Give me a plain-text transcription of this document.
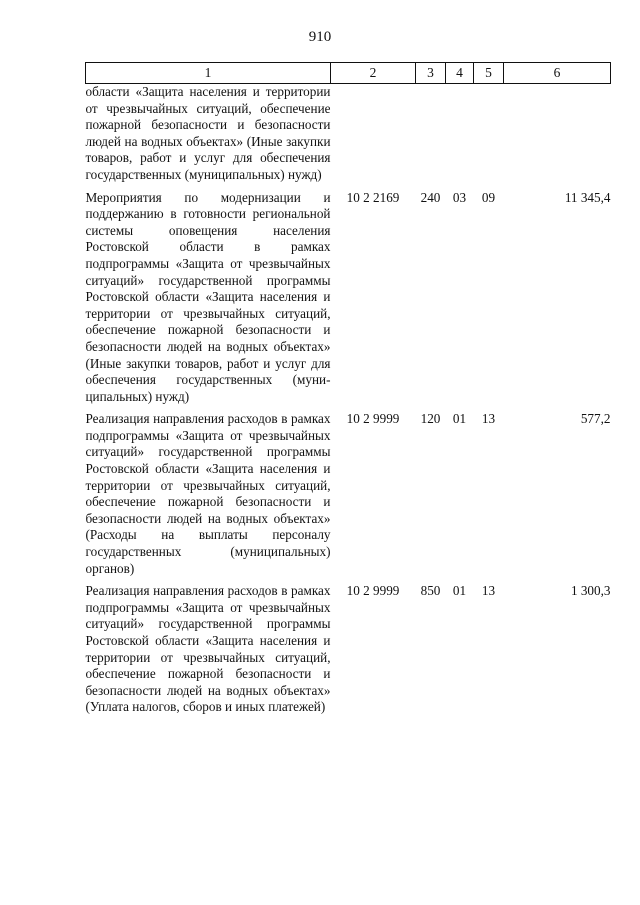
910
1	2	3	4	5	6
области «Защита населения и территории от чрезвычайных ситуаций, обеспечение пожарной безопасности и безопасности людей на водных объектах» (Иные закупки товаров, работ и услуг для обеспечения государственных (муниципальных) нужд)					
Мероприятия по модернизации и поддержанию в готовности региональной системы оповещения населения Ростовской области в рамках подпрограммы «Защита от чрезвычайных ситуаций» государственной программы Ростовской области «Защита населения и территории от чрезвычайных ситуаций, обеспечение пожарной безопасности и безопасности людей на водных объектах» (Иные закупки товаров, работ и услуг для обеспечения государственных (муниципальных) нужд)	10 2 2169	240	03	09	11 345,4
Реализация направления расходов в рамках подпрограммы «Защита от чрезвычайных ситуаций» государственной программы Ростовской области «Защита населения и территории от чрезвычайных ситуаций, обеспечение пожарной безопасности и безопасности людей на водных объектах» (Расходы на выплаты персоналу государственных (муниципальных) органов)	10 2 9999	120	01	13	577,2
Реализация направления расходов в рамках подпрограммы «Защита от чрезвычайных ситуаций» государственной программы Ростовской области «Защита населения и территории от чрезвычайных ситуаций, обеспечение пожарной безопасности и безопасности людей на водных объектах» (Уплата налогов, сборов и иных платежей)	10 2 9999	850	01	13	1 300,3
